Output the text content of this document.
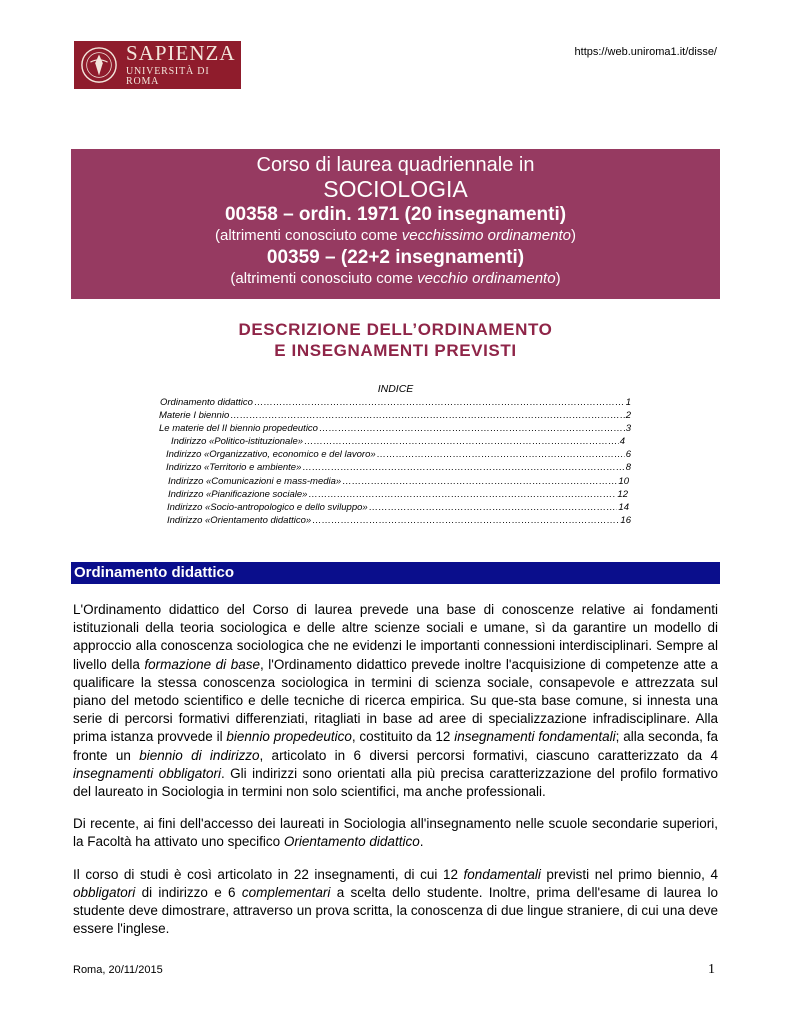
SAPIENZA
UNIVERSITÀ DI ROMA
https://web.uniroma1.it/disse/
Corso di laurea quadriennale in
SOCIOLOGIA
00358 – ordin. 1971 (20 insegnamenti)
(altrimenti conosciuto come vecchissimo ordinamento)
00359 – (22+2 insegnamenti)
(altrimenti conosciuto come vecchio ordinamento)
DESCRIZIONE DELL’ORDINAMENTO
E INSEGNAMENTI PREVISTI
INDICE
Ordinamento didattico ……………………………………………………………………………………………………………………………………………	1
Materie I biennio ……………………………………………………………………………………………………………………………………………	2
Le materie del II biennio propedeutico ……………………………………………………………………………………………………………………………………………	3
Indirizzo «Politico-istituzionale» ……………………………………………………………………………………………………………………………………………	4
Indirizzo «Organizzativo, economico e del lavoro» ……………………………………………………………………………………………………………………………………………	6
Indirizzo «Territorio e ambiente» ……………………………………………………………………………………………………………………………………………	8
Indirizzo «Comunicazioni e mass-media» ……………………………………………………………………………………………………………………………………………	10
Indirizzo «Pianificazione sociale» ……………………………………………………………………………………………………………………………………………	12
Indirizzo «Socio-antropologico e dello sviluppo» ……………………………………………………………………………………………………………………………………………	14
Indirizzo «Orientamento didattico» ……………………………………………………………………………………………………………………………………………	16
Ordinamento didattico

L'Ordinamento didattico del Corso di laurea prevede una base di conoscenze relative ai fondamenti istituzionali della teoria sociologica e delle altre scienze sociali e umane, sì da garantire un modello di approccio alla conoscenza sociologica che ne evidenzi le importanti connessioni interdisciplinari. Sempre al livello della formazione di base, l'Ordinamento didattico prevede inoltre l'acquisizione di competenze atte a qualificare la stessa conoscenza sociologica in termini di scienza sociale, consapevole e attrezzata sul piano del metodo scientifico e delle tecniche di ricerca empirica. Su que-sta base comune, si innesta una serie di percorsi formativi differenziati, ritagliati in base ad aree di specializzazione infradisciplinare. Alla prima istanza provvede il biennio propedeutico, costituito da 12 insegnamenti fondamentali; alla seconda, fa fronte un biennio di indirizzo, articolato in 6 diversi percorsi formativi, ciascuno caratterizzato da 4 insegnamenti obbligatori. Gli indirizzi sono orientati alla più precisa caratterizzazione del profilo formativo del laureato in Sociologia in termini non solo scientifici, ma anche professionali.

Di recente, ai fini dell'accesso dei laureati in Sociologia all'insegnamento nelle scuole secondarie superiori, la Facoltà ha attivato uno specifico Orientamento didattico.

Il corso di studi è così articolato in 22 insegnamenti, di cui 12 fondamentali previsti nel primo biennio, 4 obbligatori di indirizzo e 6 complementari a scelta dello studente. Inoltre, prima dell'esame di laurea lo studente deve dimostrare, attraverso un prova scritta, la conoscenza di due lingue straniere, di cui una deve essere l'inglese.

Roma, 20/11/2015	1
